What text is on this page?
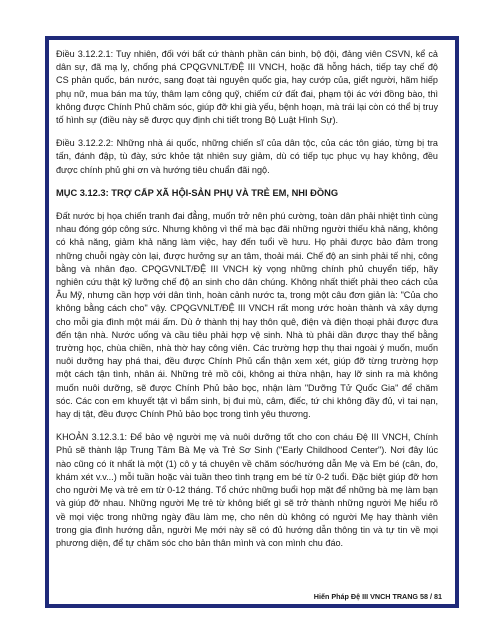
Điều 3.12.2.1: Tuy nhiên, đối với bất cứ thành phần cán binh, bộ đội, đảng viên CSVN, kể cả dân sự, đã mạ lỵ, chống phá CPQGVNLT/ĐỆ III VNCH, hoặc đã hỗng hách, tiếp tay chế độ CS phản quốc, bán nước, sang đoạt tài nguyên quốc gia, hay cướp của, giết người, hãm hiếp phụ nữ, mua bán ma túy, thâm lạm công quỹ, chiếm cứ đất đai, phạm tội ác với đồng bào, thì không được Chính Phủ chăm sóc, giúp đỡ khi già yếu, bệnh hoạn, mà trái lại còn có thể bị truy tố hình sự (điều này sẽ được quy định chi tiết trong Bộ Luật Hình Sự).

Điều 3.12.2.2: Những nhà ái quốc, những chiến sĩ của dân tộc, của các tôn giáo, từng bị tra tấn, đánh đập, tù đày, sức khỏe tật nhiên suy giảm, dù có tiếp tục phục vụ hay không, đều được chính phủ ghi ơn và hướng tiêu chuẩn đãi ngộ.

MỤC 3.12.3: TRỢ CẤP XÃ HỘI-SẢN PHỤ VÀ TRẺ EM, NHI ĐỒNG

Đất nước bị họa chiến tranh đai đẳng, muốn trở nên phú cường, toàn dân phải nhiệt tình cùng nhau đóng góp công sức. Nhưng không vì thế mà bạc đãi những người thiếu khả năng, không có khả năng, giảm khả năng làm việc, hay đến tuổi về hưu. Họ phải được bảo đảm trong những chuỗi ngày còn lại, được hưởng sự an tâm, thoải mái. Chế độ an sinh phải tế nhị, công bằng và nhân đạo. CPQGVNLT/ĐỆ III VNCH kỳ vọng những chính phủ chuyển tiếp, hãy nghiên cứu thật kỹ lưỡng chế độ an sinh cho dân chúng. Không nhất thiết phải theo cách của Âu Mỹ, nhưng cần hợp với dân tình, hoàn cảnh nước ta, trong một câu đơn giản là: "Của cho không bằng cách cho" vậy. CPQGVNLT/ĐỆ III VNCH rất mong ước hoàn thành và xây dựng cho mỗi gia đình một mái ấm. Dù ở thành thị hay thôn quê, điện và điện thoại phải được đưa đến tận nhà. Nước uống và cầu tiêu phải hợp vệ sinh. Nhà tù phải dần được thay thế bằng trường học, chùa chiền, nhà thờ hay công viên. Các trường hợp thụ thai ngoài ý muốn, muốn nuôi dưỡng hay phá thai, đều được Chính Phủ cẩn thận xem xét, giúp đỡ từng trường hợp một cách tận tình, nhân ái. Những trẻ mồ côi, không ai thừa nhận, hay lỡ sinh ra mà không muốn nuôi dưỡng, sẽ được Chính Phủ bảo bọc, nhận làm "Dưỡng Tử Quốc Gia" để chăm sóc. Các con em khuyết tật vì bẩm sinh, bị đui mù, câm, điếc, tứ chi không đầy đủ, vì tai nạn, hay dị tật, đều được Chính Phủ bảo bọc trong tình yêu thương.

KHOẢN 3.12.3.1: Để bảo vệ người mẹ và nuôi dưỡng tốt cho con cháu Đệ III VNCH, Chính Phủ sẽ thành lập Trung Tâm Bà Mẹ và Trẻ Sơ Sinh ("Early Childhood Center"). Nơi đây lúc nào cũng có ít nhất là một (1) cô y tá chuyên về chăm sóc/hướng dẫn Mẹ và Em bé (cân, đo, khám xét v.v...) mỗi tuần hoặc vài tuần theo tình trạng em bé từ 0-2 tuổi. Đặc biệt giúp đỡ hơn cho người Mẹ và trẻ em từ 0-12 tháng. Tổ chức những buổi họp mặt để những bà mẹ làm bạn và giúp đỡ nhau. Những người Mẹ trẻ từ không biết gì sẽ trở thành những người Mẹ hiểu rõ về mọi việc trong những ngày đầu làm mẹ, cho nên dù không có người Mẹ hay thành viên trong gia đình hướng dẫn, người Mẹ mới này sẽ có đủ hướng dẫn thông tin và tự tin về mọi phương diện, để tự chăm sóc cho bản thân mình và con mình chu đáo.

Hiến Pháp Đệ III VNCH TRANG 58 / 81
